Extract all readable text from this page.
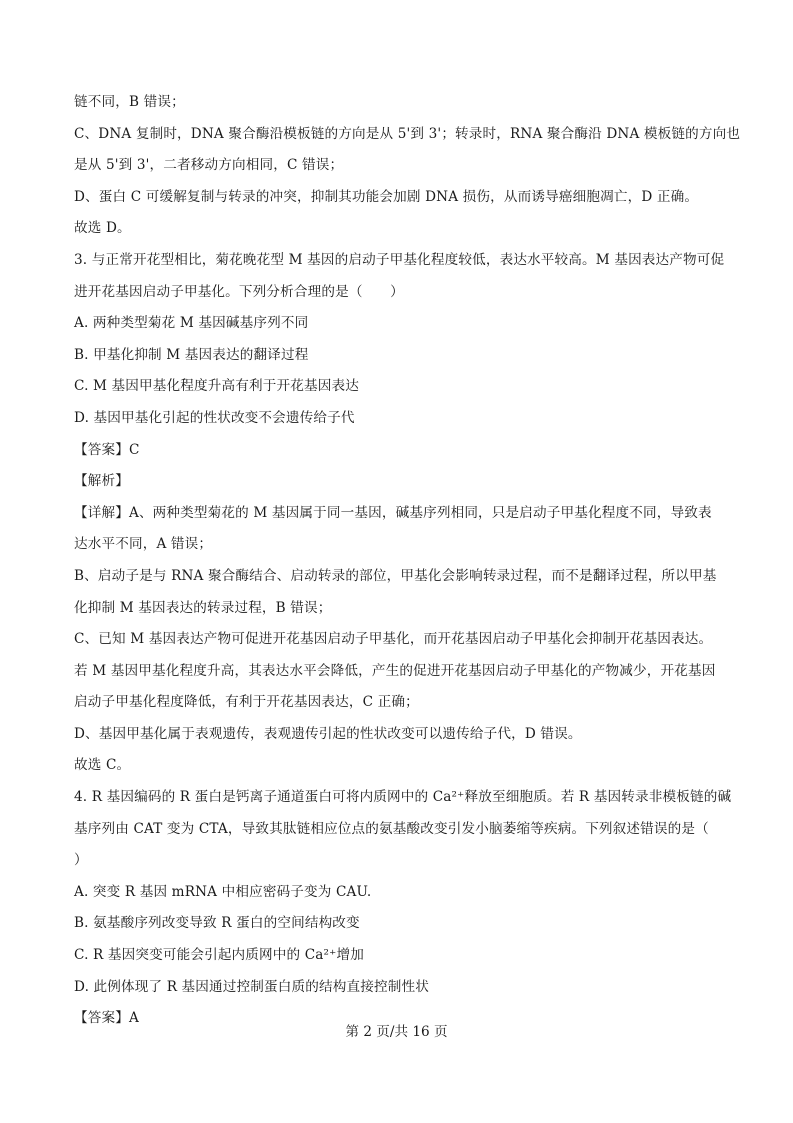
链不同，B 错误；
C、DNA 复制时，DNA 聚合酶沿模板链的方向是从 5'到 3'；转录时，RNA 聚合酶沿 DNA 模板链的方向也
是从 5'到 3'，二者移动方向相同，C 错误；
D、蛋白 C 可缓解复制与转录的冲突，抑制其功能会加剧 DNA 损伤，从而诱导癌细胞凋亡，D 正确。
故选 D。
3. 与正常开花型相比，菊花晚花型 M 基因的启动子甲基化程度较低，表达水平较高。M 基因表达产物可促
进开花基因启动子甲基化。下列分析合理的是（　　）
A. 两种类型菊花 M 基因碱基序列不同
B. 甲基化抑制 M 基因表达的翻译过程
C. M 基因甲基化程度升高有利于开花基因表达
D. 基因甲基化引起的性状改变不会遗传给子代
【答案】C
【解析】
【详解】A、两种类型菊花的 M 基因属于同一基因，碱基序列相同，只是启动子甲基化程度不同，导致表
达水平不同，A 错误；
B、启动子是与 RNA 聚合酶结合、启动转录的部位，甲基化会影响转录过程，而不是翻译过程，所以甲基
化抑制 M 基因表达的转录过程，B 错误；
C、已知 M 基因表达产物可促进开花基因启动子甲基化，而开花基因启动子甲基化会抑制开花基因表达。
若 M 基因甲基化程度升高，其表达水平会降低，产生的促进开花基因启动子甲基化的产物减少，开花基因
启动子甲基化程度降低，有利于开花基因表达，C 正确；
D、基因甲基化属于表观遗传，表观遗传引起的性状改变可以遗传给子代，D 错误。
故选 C。
4. R 基因编码的 R 蛋白是钙离子通道蛋白可将内质网中的 Ca²⁺释放至细胞质。若 R 基因转录非模板链的碱
基序列由 CAT 变为 CTA，导致其肽链相应位点的氨基酸改变引发小脑萎缩等疾病。下列叙述错误的是（
）
A. 突变 R 基因 mRNA 中相应密码子变为 CAU.
B. 氨基酸序列改变导致 R 蛋白的空间结构改变
C. R 基因突变可能会引起内质网中的 Ca²⁺增加
D. 此例体现了 R 基因通过控制蛋白质的结构直接控制性状
【答案】A
第 2 页/共 16 页
